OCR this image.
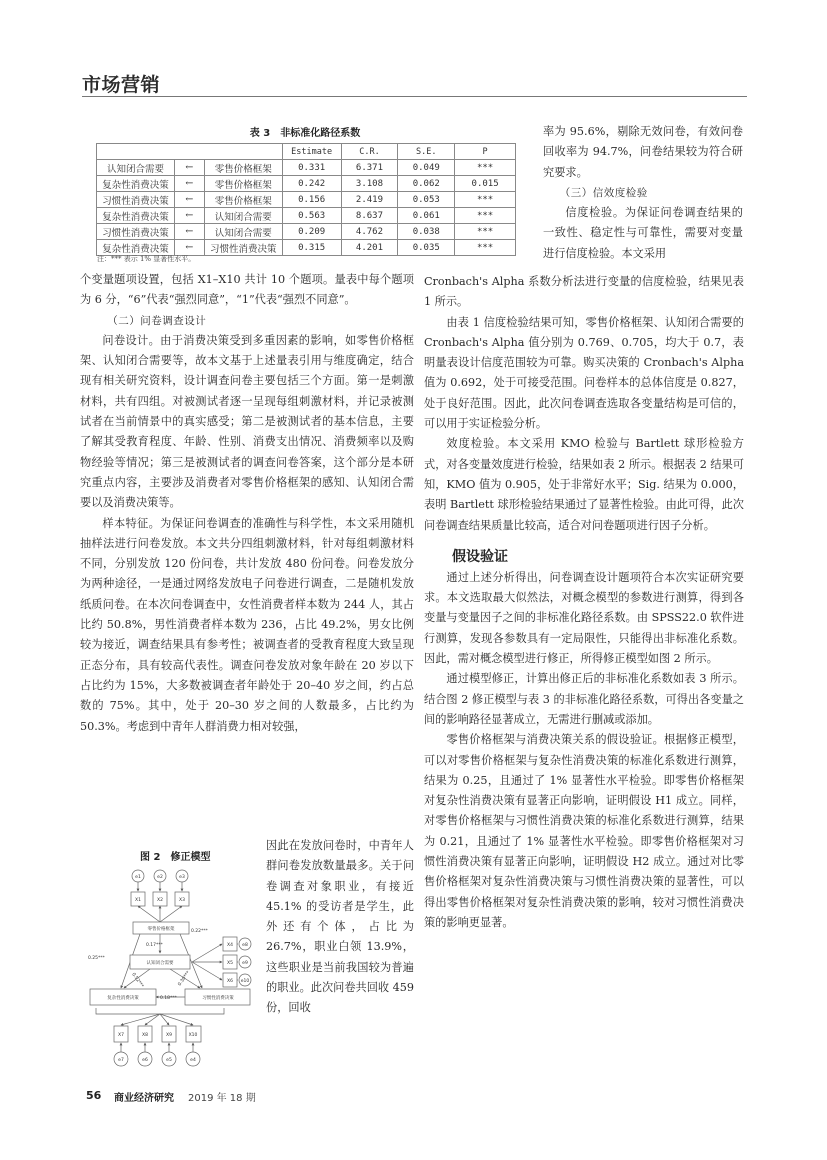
市场营销
表 3　非标准化路径系数
			Estimate	C.R.	S.E.	P
认知闭合需要	←	零售价格框架	0.331	6.371	0.049	***
复杂性消费决策	←	零售价格框架	0.242	3.108	0.062	0.015
习惯性消费决策	←	零售价格框架	0.156	2.419	0.053	***
复杂性消费决策	←	认知闭合需要	0.563	8.637	0.061	***
习惯性消费决策	←	认知闭合需要	0.209	4.762	0.038	***
复杂性消费决策	←	习惯性消费决策	0.315	4.201	0.035	***
注：*** 表示 1% 显著性水平。

个变量题项设置，包括 X1–X10 共计 10 个题项。量表中每个题项为 6 分，“6”代表“强烈同意”，“1”代表“强烈不同意”。

（二）问卷调查设计

问卷设计。由于消费决策受到多重因素的影响，如零售价格框架、认知闭合需要等，故本文基于上述量表引用与维度确定，结合现有相关研究资料，设计调查问卷主要包括三个方面。第一是刺激材料，共有四组。对被测试者逐一呈现每组刺激材料，并记录被测试者在当前情景中的真实感受；第二是被测试者的基本信息，主要了解其受教育程度、年龄、性别、消费支出情况、消费频率以及购物经验等情况；第三是被测试者的调查问卷答案，这个部分是本研究重点内容，主要涉及消费者对零售价格框架的感知、认知闭合需要以及消费决策等。

样本特征。为保证问卷调查的准确性与科学性，本文采用随机抽样法进行问卷发放。本文共分四组刺激材料，针对每组刺激材料不同，分别发放 120 份问卷，共计发放 480 份问卷。问卷发放分为两种途径，一是通过网络发放电子问卷进行调查，二是随机发放纸质问卷。在本次问卷调查中，女性消费者样本数为 244 人，其占比约 50.8%，男性消费者样本数为 236，占比 49.2%，男女比例较为接近，调查结果具有参考性；被调查者的受教育程度大致呈现正态分布，具有较高代表性。调查问卷发放对象年龄在 20 岁以下占比约为 15%，大多数被调查者年龄处于 20–40 岁之间，约占总数的 75%。其中，处于 20–30 岁之间的人数最多，占比约为 50.3%。考虑到中青年人群消费力相对较强，

因此在发放问卷时，中青年人群问卷发放数量最多。关于问卷调查对象职业，有接近 45.1% 的受访者是学生，此外还有个体，占比为 26.7%，职业白领 13.9%，这些职业是当前我国较为普遍的职业。此次问卷共回收 459 份，回收

图 2　修正模型
e1	e2	e3
X1	X2	X3
零售价格框架
认知闭合需要
X4
X5
X6
e8
e9
e10
复杂性消费决策	习惯性消费决策
X7	X8	X9	X10
e7	e6	e5	e4
0.17***
0.22***
0.25***
0.52***	0.30***
0.18***

率为 95.6%，剔除无效问卷，有效问卷回收率为 94.7%，问卷结果较为符合研究要求。

（三）信效度检验

信度检验。为保证问卷调查结果的一致性、稳定性与可靠性，需要对变量进行信度检验。本文采用

Cronbach's Alpha 系数分析法进行变量的信度检验，结果见表 1 所示。

由表 1 信度检验结果可知，零售价格框架、认知闭合需要的 Cronbach's Alpha 值分别为 0.769、0.705，均大于 0.7，表明量表设计信度范围较为可靠。购买决策的 Cronbach's Alpha 值为 0.692，处于可接受范围。问卷样本的总体信度是 0.827，处于良好范围。因此，此次问卷调查选取各变量结构是可信的，可以用于实证检验分析。

效度检验。本文采用 KMO 检验与 Bartlett 球形检验方式，对各变量效度进行检验，结果如表 2 所示。根据表 2 结果可知，KMO 值为 0.905，处于非常好水平；Sig. 结果为 0.000，表明 Bartlett 球形检验结果通过了显著性检验。由此可得，此次问卷调查结果质量比较高，适合对问卷题项进行因子分析。

假设验证

通过上述分析得出，问卷调查设计题项符合本次实证研究要求。本文选取最大似然法，对概念模型的参数进行测算，得到各变量与变量因子之间的非标准化路径系数。由 SPSS22.0 软件进行测算，发现各参数具有一定局限性，只能得出非标准化系数。因此，需对概念模型进行修正，所得修正模型如图 2 所示。

通过模型修正，计算出修正后的非标准化系数如表 3 所示。结合图 2 修正模型与表 3 的非标准化路径系数，可得出各变量之间的影响路径显著成立，无需进行删减或添加。

零售价格框架与消费决策关系的假设验证。根据修正模型，可以对零售价格框架与复杂性消费决策的标准化系数进行测算，结果为 0.25，且通过了 1% 显著性水平检验。即零售价格框架对复杂性消费决策有显著正向影响，证明假设 H1 成立。同样，对零售价格框架与习惯性消费决策的标准化系数进行测算，结果为 0.21，且通过了 1% 显著性水平检验。即零售价格框架对习惯性消费决策有显著正向影响，证明假设 H2 成立。通过对比零售价格框架对复杂性消费决策与习惯性消费决策的显著性，可以得出零售价格框架对复杂性消费决策的影响，较对习惯性消费决策的影响更显著。

56 商业经济研究 2019 年 18 期
